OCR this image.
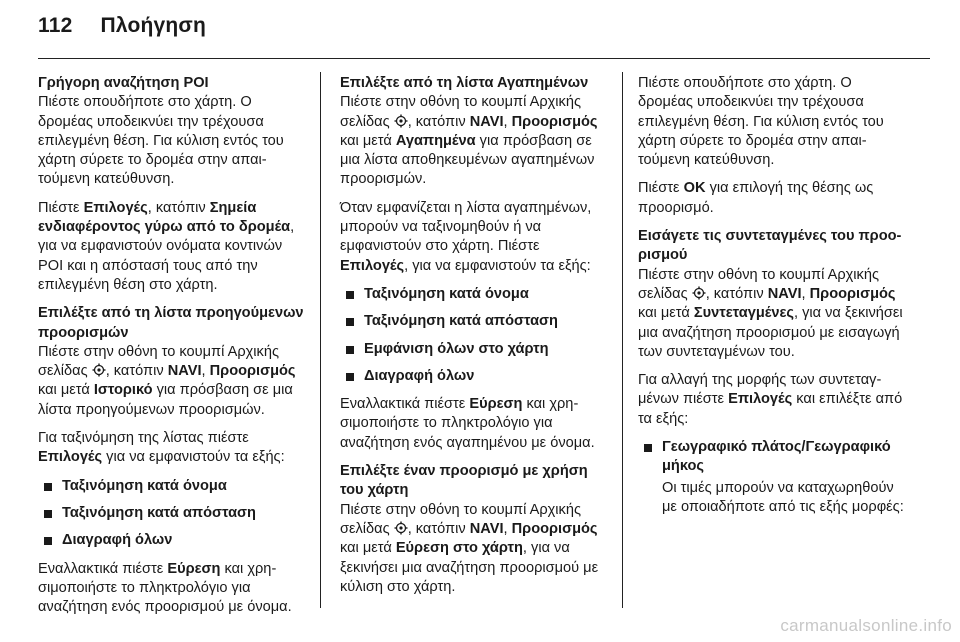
112 Πλοήγηση

Γρήγορη αναζήτηση POI
Πιέστε οπουδήποτε στο χάρτη. Ο δρομέας υποδεικνύει την τρέχουσα επιλεγμένη θέση. Για κύλιση εντός του χάρτη σύρετε το δρομέα στην απαιτούμενη κατεύθυνση.

Πιέστε Επιλογές, κατόπιν Σημεία ενδιαφέροντος γύρω από το δρομέα, για να εμφανιστούν ονόματα κοντινών POI και η απόστασή τους από την επιλεγμένη θέση στο χάρτη.

Επιλέξτε από τη λίστα προηγούμενων προορισμών
Πιέστε στην οθόνη το κουμπί Αρχικής σελίδας , κατόπιν NAVI, Προορισμός και μετά Ιστορικό για πρόσβαση σε μια λίστα προηγούμενων προορισμών.

Για ταξινόμηση της λίστας πιέστε Επιλογές για να εμφανιστούν τα εξής:

Ταξινόμηση κατά όνομα
Ταξινόμηση κατά απόσταση
Διαγραφή όλων

Εναλλακτικά πιέστε Εύρεση και χρησιμοποιήστε το πληκτρολόγιο για αναζήτηση ενός προορισμού με όνομα.

Επιλέξτε από τη λίστα Αγαπημένων
Πιέστε στην οθόνη το κουμπί Αρχικής σελίδας , κατόπιν NAVI, Προορισμός και μετά Αγαπημένα για πρόσβαση σε μια λίστα αποθηκευμένων αγαπημένων προορισμών.

Όταν εμφανίζεται η λίστα αγαπημένων, μπορούν να ταξινομηθούν ή να εμφανιστούν στο χάρτη. Πιέστε Επιλογές, για να εμφανιστούν τα εξής:

Ταξινόμηση κατά όνομα
Ταξινόμηση κατά απόσταση
Εμφάνιση όλων στο χάρτη
Διαγραφή όλων

Εναλλακτικά πιέστε Εύρεση και χρησιμοποιήστε το πληκτρολόγιο για αναζήτηση ενός αγαπημένου με όνομα.

Επιλέξτε έναν προορισμό με χρήση του χάρτη
Πιέστε στην οθόνη το κουμπί Αρχικής σελίδας , κατόπιν NAVI, Προορισμός και μετά Εύρεση στο χάρτη, για να ξεκινήσει μια αναζήτηση προορισμού με κύλιση στο χάρτη.

Πιέστε οπουδήποτε στο χάρτη. Ο δρομέας υποδεικνύει την τρέχουσα επιλεγμένη θέση. Για κύλιση εντός του χάρτη σύρετε το δρομέα στην απαιτούμενη κατεύθυνση.

Πιέστε OK για επιλογή της θέσης ως προορισμό.

Εισάγετε τις συντεταγμένες του προορισμού
Πιέστε στην οθόνη το κουμπί Αρχικής σελίδας , κατόπιν NAVI, Προορισμός και μετά Συντεταγμένες, για να ξεκινήσει μια αναζήτηση προορισμού με εισαγωγή των συντεταγμένων του.

Για αλλαγή της μορφής των συντεταγμένων πιέστε Επιλογές και επιλέξτε από τα εξής:

Γεωγραφικό πλάτος/Γεωγραφικό μήκος
Οι τιμές μπορούν να καταχωρηθούν με οποιαδήποτε από τις εξής μορφές:
carmanualsonline.info
